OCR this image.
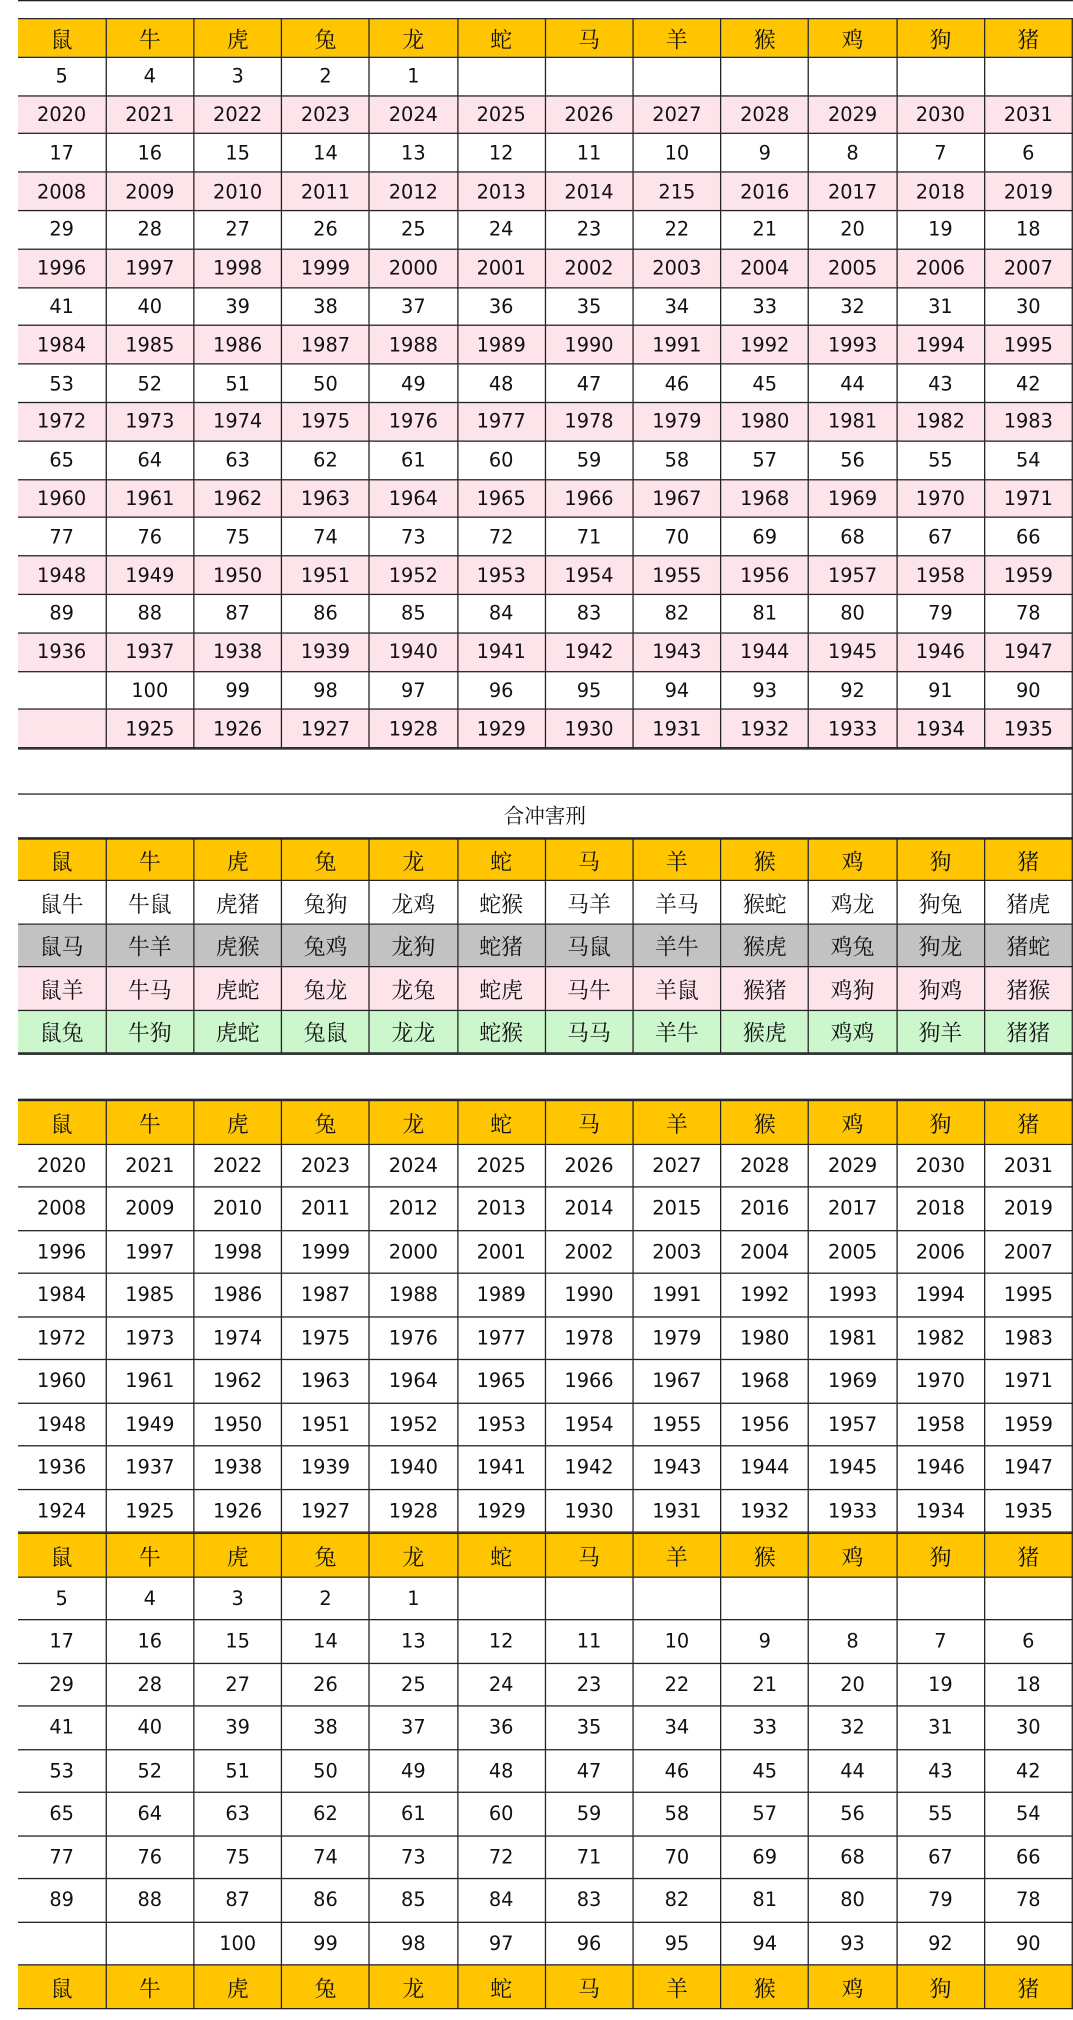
鼠	牛	虎	兔	龙	蛇	马	羊	猴	鸡	狗	猪
5	4	3	2	1							
2020	2021	2022	2023	2024	2025	2026	2027	2028	2029	2030	2031
17	16	15	14	13	12	11	10	9	8	7	6
2008	2009	2010	2011	2012	2013	2014	215	2016	2017	2018	2019
29	28	27	26	25	24	23	22	21	20	19	18
1996	1997	1998	1999	2000	2001	2002	2003	2004	2005	2006	2007
41	40	39	38	37	36	35	34	33	32	31	30
1984	1985	1986	1987	1988	1989	1990	1991	1992	1993	1994	1995
53	52	51	50	49	48	47	46	45	44	43	42
1972	1973	1974	1975	1976	1977	1978	1979	1980	1981	1982	1983
65	64	63	62	61	60	59	58	57	56	55	54
1960	1961	1962	1963	1964	1965	1966	1967	1968	1969	1970	1971
77	76	75	74	73	72	71	70	69	68	67	66
1948	1949	1950	1951	1952	1953	1954	1955	1956	1957	1958	1959
89	88	87	86	85	84	83	82	81	80	79	78
1936	1937	1938	1939	1940	1941	1942	1943	1944	1945	1946	1947
	100	99	98	97	96	95	94	93	92	91	90
	1925	1926	1927	1928	1929	1930	1931	1932	1933	1934	1935
合冲害刑
鼠	牛	虎	兔	龙	蛇	马	羊	猴	鸡	狗	猪
鼠牛	牛鼠	虎猪	兔狗	龙鸡	蛇猴	马羊	羊马	猴蛇	鸡龙	狗兔	猪虎
鼠马	牛羊	虎猴	兔鸡	龙狗	蛇猪	马鼠	羊牛	猴虎	鸡兔	狗龙	猪蛇
鼠羊	牛马	虎蛇	兔龙	龙兔	蛇虎	马牛	羊鼠	猴猪	鸡狗	狗鸡	猪猴
鼠兔	牛狗	虎蛇	兔鼠	龙龙	蛇猴	马马	羊牛	猴虎	鸡鸡	狗羊	猪猪
鼠	牛	虎	兔	龙	蛇	马	羊	猴	鸡	狗	猪
2020	2021	2022	2023	2024	2025	2026	2027	2028	2029	2030	2031
2008	2009	2010	2011	2012	2013	2014	2015	2016	2017	2018	2019
1996	1997	1998	1999	2000	2001	2002	2003	2004	2005	2006	2007
1984	1985	1986	1987	1988	1989	1990	1991	1992	1993	1994	1995
1972	1973	1974	1975	1976	1977	1978	1979	1980	1981	1982	1983
1960	1961	1962	1963	1964	1965	1966	1967	1968	1969	1970	1971
1948	1949	1950	1951	1952	1953	1954	1955	1956	1957	1958	1959
1936	1937	1938	1939	1940	1941	1942	1943	1944	1945	1946	1947
1924	1925	1926	1927	1928	1929	1930	1931	1932	1933	1934	1935
鼠	牛	虎	兔	龙	蛇	马	羊	猴	鸡	狗	猪
5	4	3	2	1							
17	16	15	14	13	12	11	10	9	8	7	6
29	28	27	26	25	24	23	22	21	20	19	18
41	40	39	38	37	36	35	34	33	32	31	30
53	52	51	50	49	48	47	46	45	44	43	42
65	64	63	62	61	60	59	58	57	56	55	54
77	76	75	74	73	72	71	70	69	68	67	66
89	88	87	86	85	84	83	82	81	80	79	78
		100	99	98	97	96	95	94	93	92	90
鼠	牛	虎	兔	龙	蛇	马	羊	猴	鸡	狗	猪
